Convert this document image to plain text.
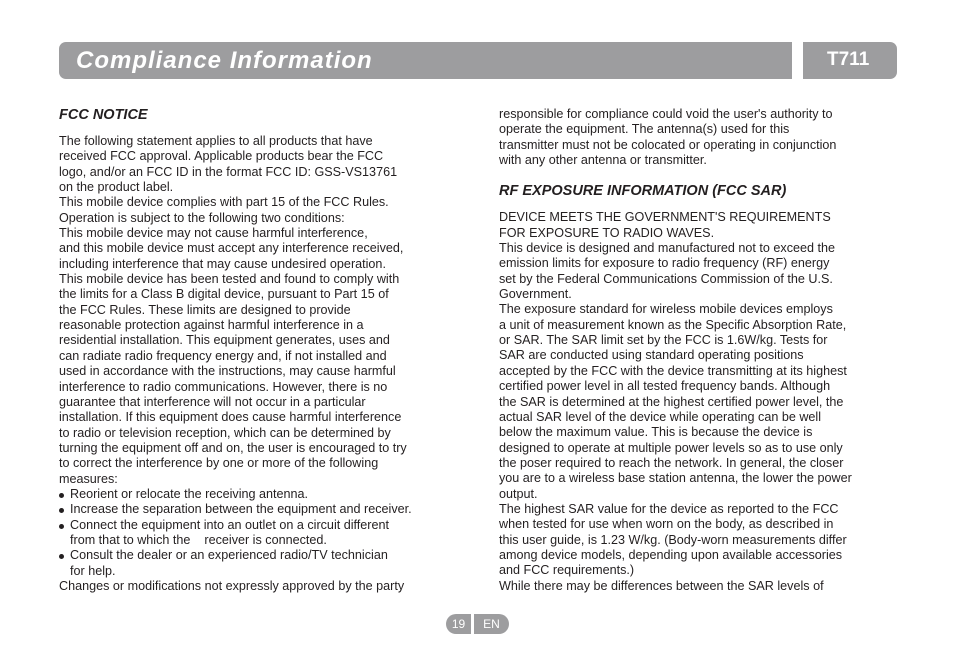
Compliance Information	T711
FCC NOTICE

The following statement applies to all products that have

received FCC approval. Applicable products bear the FCC

logo, and/or an FCC ID in the format FCC ID: GSS-VS13761

on the product label.

This mobile device complies with part 15 of the FCC Rules.

Operation is subject to the following two conditions:

This mobile device may not cause harmful interference,

and this mobile device must accept any interference received,

including interference that may cause undesired operation.

This mobile device has been tested and found to comply with

the limits for a Class B digital device, pursuant to Part 15 of

the FCC Rules. These limits are designed to provide

reasonable protection against harmful interference in a

residential installation. This equipment generates, uses and

can radiate radio frequency energy and, if not installed and

used in accordance with the instructions, may cause harmful

interference to radio communications. However, there is no

guarantee that interference will not occur in a particular

installation. If this equipment does cause harmful interference

to radio or television reception, which can be determined by

turning the equipment off and on, the user is encouraged to try

to correct the interference by one or more of the following

measures:

Reorient or relocate the receiving antenna.
Increase the separation between the equipment and receiver.
Connect the equipment into an outlet on a circuit different
from that to which the    receiver is connected.
Consult the dealer or an experienced radio/TV technician
for help.

Changes or modifications not expressly approved by the party

responsible for compliance could void the user's authority to

operate the equipment. The antenna(s) used for this

transmitter must not be colocated or operating in conjunction

with any other antenna or transmitter.

RF EXPOSURE INFORMATION (FCC SAR)

DEVICE MEETS THE GOVERNMENT'S REQUIREMENTS

FOR EXPOSURE TO RADIO WAVES.

This device is designed and manufactured not to exceed the

emission limits for exposure to radio frequency (RF) energy

set by the Federal Communications Commission of the U.S.

Government.

The exposure standard for wireless mobile devices employs

a unit of measurement known as the Specific Absorption Rate,

or SAR. The SAR limit set by the FCC is 1.6W/kg. Tests for

SAR are conducted using standard operating positions

accepted by the FCC with the device transmitting at its highest

certified power level in all tested frequency bands. Although

the SAR is determined at the highest certified power level, the

actual SAR level of the device while operating can be well

below the maximum value. This is because the device is

designed to operate at multiple power levels so as to use only

the poser required to reach the network. In general, the closer

you are to a wireless base station antenna, the lower the power

output.

The highest SAR value for the device as reported to the FCC

when tested for use when worn on the body, as described in

this user guide, is 1.23 W/kg. (Body-worn measurements differ

among device models, depending upon available accessories

and FCC requirements.)

While there may be differences between the SAR levels of

19	EN
